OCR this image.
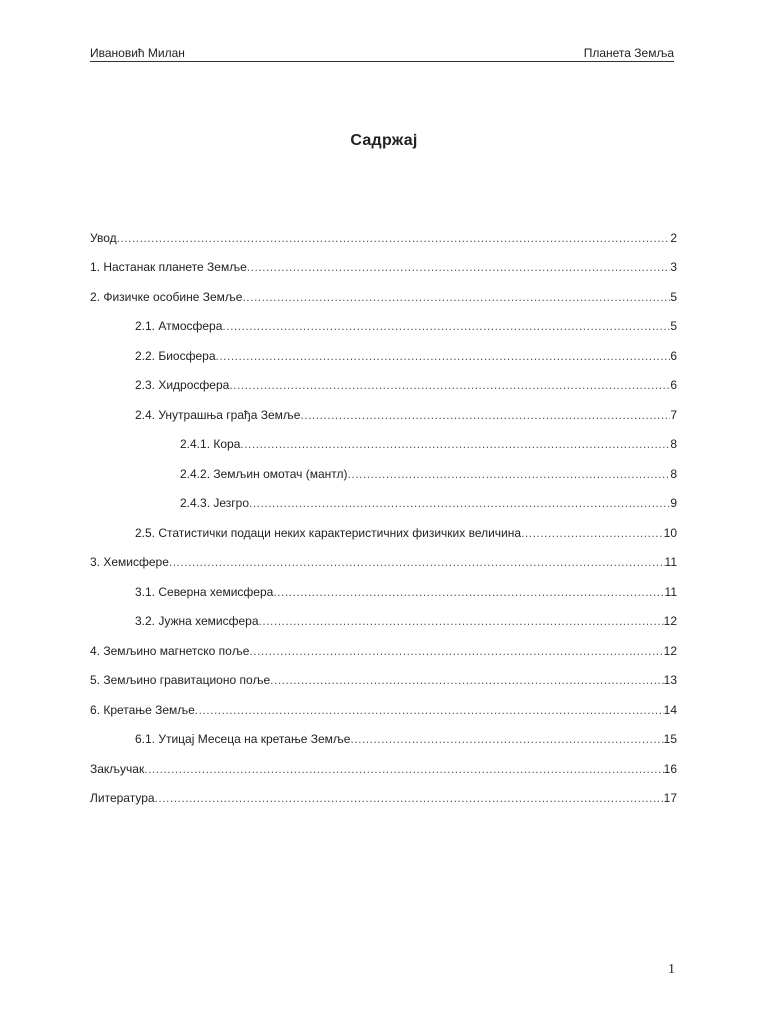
Ивановић Милан	Планета Земља
Садржај
Увод .....	2
1. Настанак планете Земље .....	3
2. Физичке особине Земље .....	5
2.1. Атмосфера .....	5
2.2. Биосфера .....	6
2.3. Хидросфера .....	6
2.4. Унутрашња грађа Земље .....	7
2.4.1. Кора .....	8
2.4.2. Земљин омотач (мантл) .....	8
2.4.3. Језгро .....	9
2.5. Статистички подаци неких карактеристичних физичких величина .....	10
3. Хемисфере .....	11
3.1. Северна хемисфера .....	11
3.2. Јужна хемисфера .....	12
4. Земљино магнетско поље .....	12
5. Земљино гравитационо поље .....	13
6. Кретање Земље .....	14
6.1. Утицај Месеца на кретање Земље .....	15
Закључак .....	16
Литература .....	17
1
